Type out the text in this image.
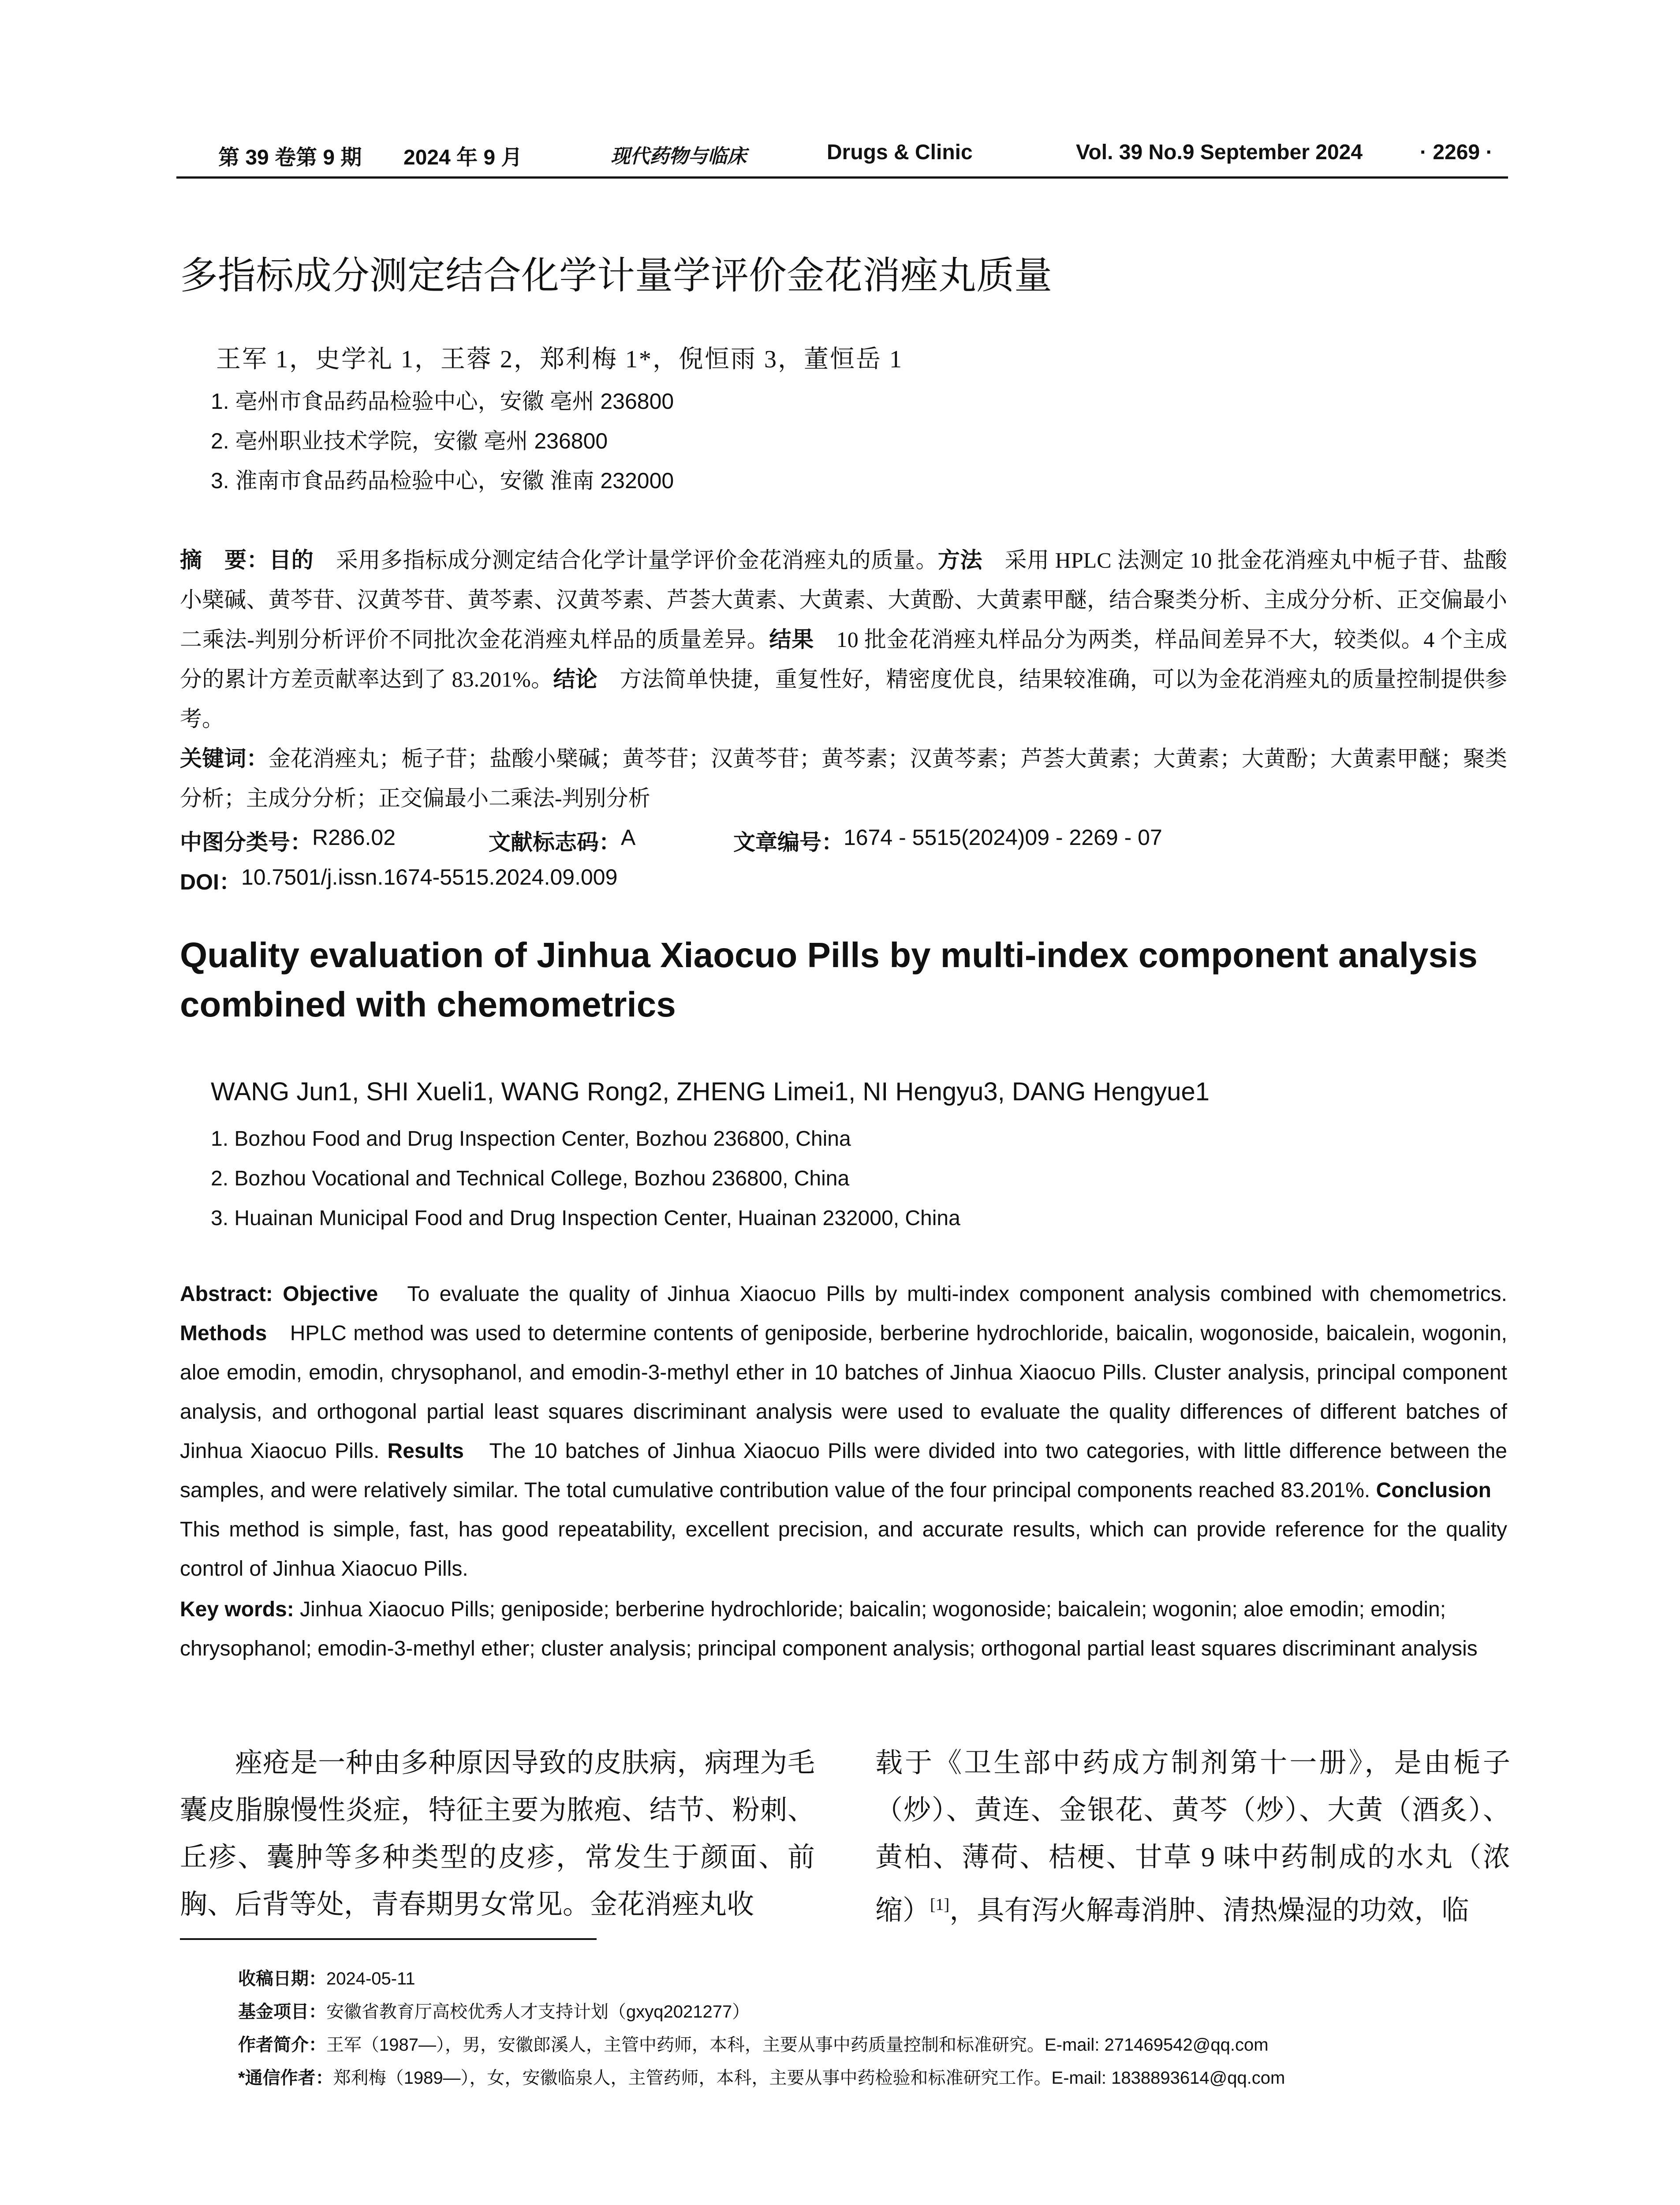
第 39 卷第 9 期 2024 年 9 月	现代药物与临床	Drugs & Clinic	Vol. 39 No.9 September 2024	· 2269 ·
多指标成分测定结合化学计量学评价金花消痤丸质量
王军 1，史学礼 1，王蓉 2，郑利梅 1*，倪恒雨 3，董恒岳 1
1. 亳州市食品药品检验中心，安徽 亳州 236800
2. 亳州职业技术学院，安徽 亳州 236800
3. 淮南市食品药品检验中心，安徽 淮南 232000
摘　要：目的　采用多指标成分测定结合化学计量学评价金花消痤丸的质量。方法　采用 HPLC 法测定 10 批金花消痤丸中栀子苷、盐酸小檗碱、黄芩苷、汉黄芩苷、黄芩素、汉黄芩素、芦荟大黄素、大黄素、大黄酚、大黄素甲醚，结合聚类分析、主成分分析、正交偏最小二乘法-判别分析评价不同批次金花消痤丸样品的质量差异。结果　10 批金花消痤丸样品分为两类，样品间差异不大，较类似。4 个主成分的累计方差贡献率达到了 83.201%。结论　方法简单快捷，重复性好，精密度优良，结果较准确，可以为金花消痤丸的质量控制提供参考。
关键词：金花消痤丸；栀子苷；盐酸小檗碱；黄芩苷；汉黄芩苷；黄芩素；汉黄芩素；芦荟大黄素；大黄素；大黄酚；大黄素甲醚；聚类分析；主成分分析；正交偏最小二乘法-判别分析
中图分类号： R286.02	文献标志码： A	文章编号： 1674 - 5515(2024)09 - 2269 - 07
DOI： 10.7501/j.issn.1674-5515.2024.09.009
Quality evaluation of Jinhua Xiaocuo Pills by multi-index component analysis combined with chemometrics
WANG Jun1, SHI Xueli1, WANG Rong2, ZHENG Limei1, NI Hengyu3, DANG Hengyue1
1. Bozhou Food and Drug Inspection Center, Bozhou 236800, China
2. Bozhou Vocational and Technical College, Bozhou 236800, China
3. Huainan Municipal Food and Drug Inspection Center, Huainan 232000, China
Abstract: Objective　To evaluate the quality of Jinhua Xiaocuo Pills by multi-index component analysis combined with chemometrics. Methods　HPLC method was used to determine contents of geniposide, berberine hydrochloride, baicalin, wogonoside, baicalein, wogonin, aloe emodin, emodin, chrysophanol, and emodin-3-methyl ether in 10 batches of Jinhua Xiaocuo Pills. Cluster analysis, principal component analysis, and orthogonal partial least squares discriminant analysis were used to evaluate the quality differences of different batches of Jinhua Xiaocuo Pills. Results　The 10 batches of Jinhua Xiaocuo Pills were divided into two categories, with little difference between the samples, and were relatively similar. The total cumulative contribution value of the four principal components reached 83.201%. Conclusion　This method is simple, fast, has good repeatability, excellent precision, and accurate results, which can provide reference for the quality control of Jinhua Xiaocuo Pills.
Key words: Jinhua Xiaocuo Pills; geniposide; berberine hydrochloride; baicalin; wogonoside; baicalein; wogonin; aloe emodin; emodin; chrysophanol; emodin-3-methyl ether; cluster analysis; principal component analysis; orthogonal partial least squares discriminant analysis
　　痤疮是一种由多种原因导致的皮肤病，病理为毛囊皮脂腺慢性炎症，特征主要为脓疱、结节、粉刺、丘疹、囊肿等多种类型的皮疹，常发生于颜面、前胸、后背等处，青春期男女常见。金花消痤丸收
载于《卫生部中药成方制剂第十一册》，是由栀子（炒）、黄连、金银花、黄芩（炒）、大黄（酒炙）、黄柏、薄荷、桔梗、甘草 9 味中药制成的水丸（浓缩）[1]，具有泻火解毒消肿、清热燥湿的功效，临
收稿日期：2024-05-11
基金项目：安徽省教育厅高校优秀人才支持计划（gxyq2021277）
作者简介：王军（1987—），男，安徽郎溪人，主管中药师，本科，主要从事中药质量控制和标准研究。E-mail: 271469542@qq.com
*通信作者：郑利梅（1989—），女，安徽临泉人，主管药师，本科，主要从事中药检验和标准研究工作。E-mail: 1838893614@qq.com
